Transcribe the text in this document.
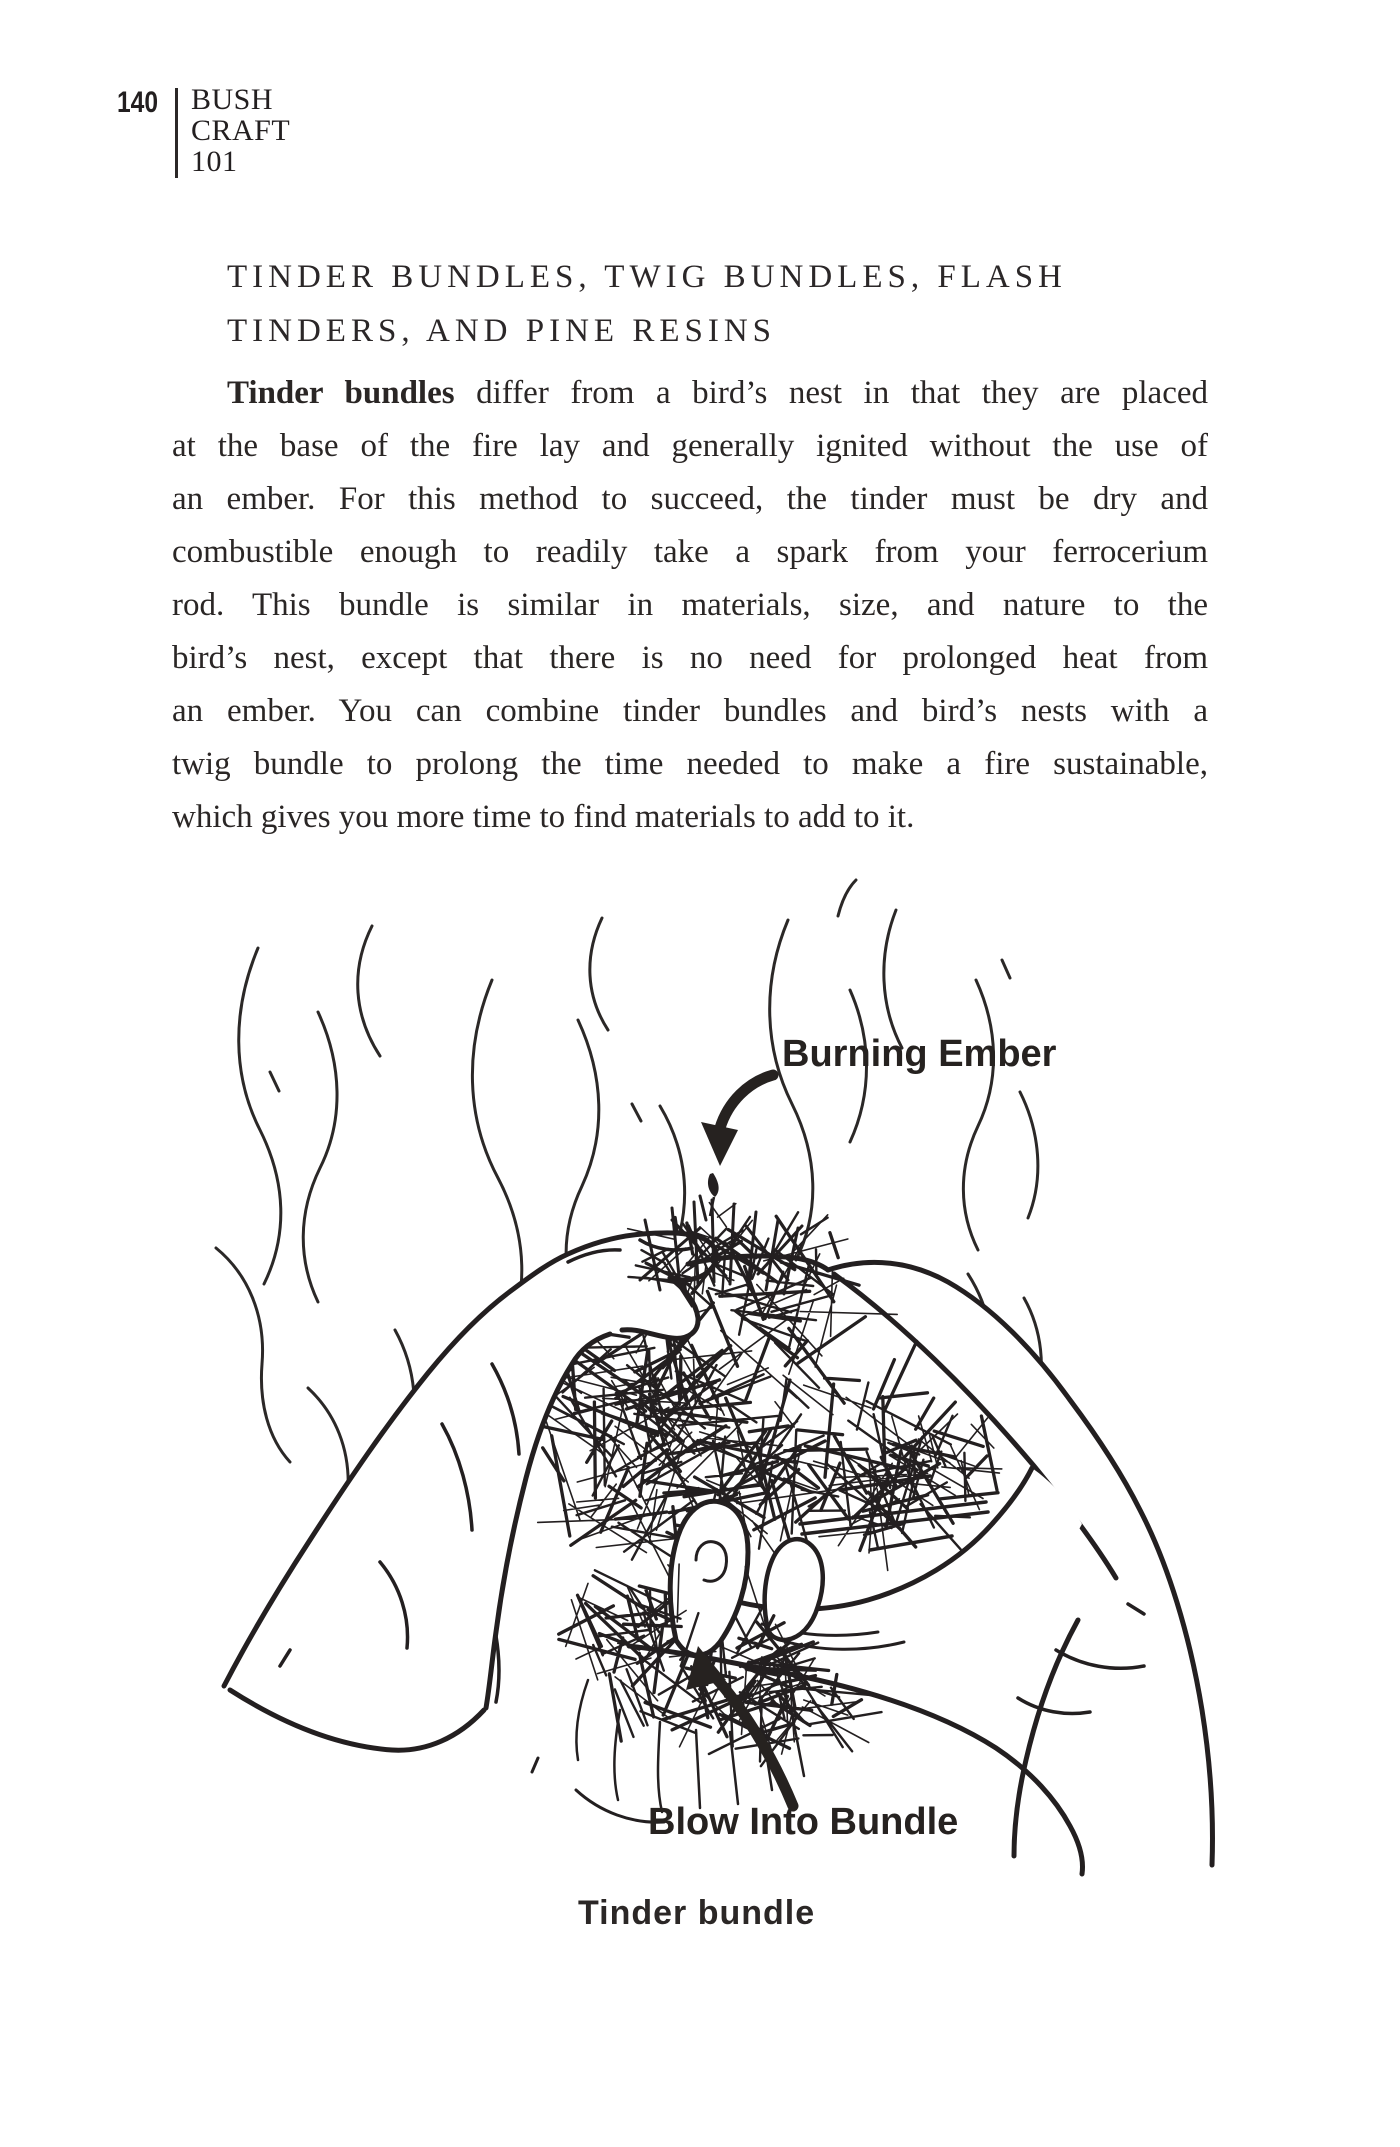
140 BUSH
CRAFT
101
TINDER BUNDLES, TWIG BUNDLES, FLASH
TINDERS, AND PINE RESINS
Tinder bundles differ from a bird’s nest in that they are placed
at the base of the fire lay and generally ignited without the use of
an ember. For this method to succeed, the tinder must be dry and
combustible enough to readily take a spark from your ferrocerium
rod. This bundle is similar in materials, size, and nature to the
bird’s nest, except that there is no need for prolonged heat from
an ember. You can combine tinder bundles and bird’s nests with a
twig bundle to prolong the time needed to make a fire sustainable,
which gives you more time to find materials to add to it.
Burning Ember
Blow Into Bundle
Tinder bundle
